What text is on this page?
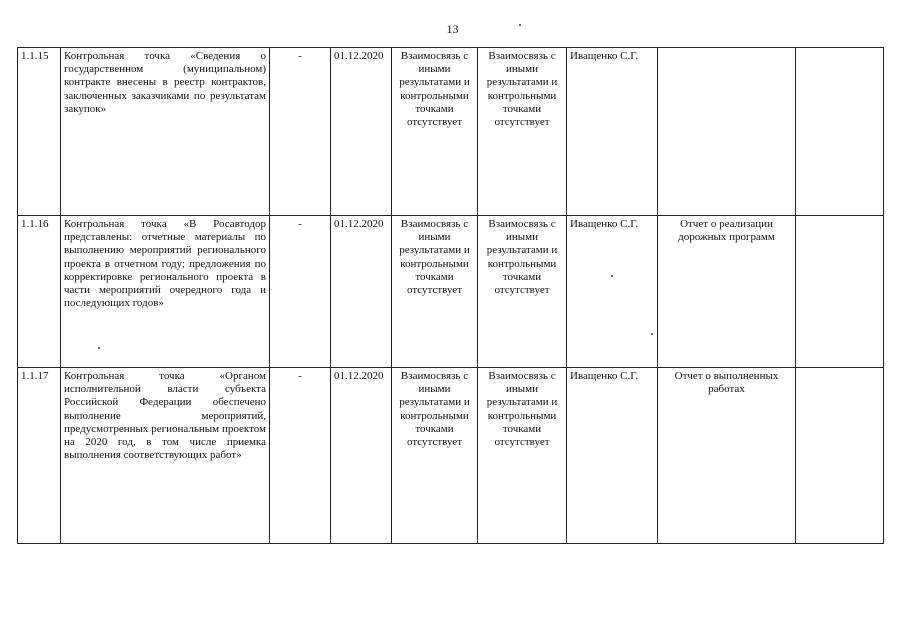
13
1.1.15	Контрольная точка «Сведения о государственном (муниципальном) контракте внесены в реестр контрактов, заключенных заказчиками по результатам закупок»	-	01.12.2020	Взаимосвязь с иными результатами и контрольными точками отсутствует	Взаимосвязь с иными результатами и контрольными точками отсутствует	Иващенко С.Г.		
1.1.16	Контрольная точка «В Росавтодор представлены: отчетные материалы по выполнению мероприятий регионального проекта в отчетном году; предложения по корректировке регионального проекта в части мероприятий очередного года и последующих годов»	-	01.12.2020	Взаимосвязь с иными результатами и контрольными точками отсутствует	Взаимосвязь с иными результатами и контрольными точками отсутствует	Иващенко С.Г.	Отчет о реализации дорожных программ	
1.1.17	Контрольная точка «Органом исполнительной власти субъекта Российской Федерации обеспечено выполнение мероприятий, предусмотренных региональным проектом на 2020 год, в том числе приемка выполнения соответствующих работ»	-	01.12.2020	Взаимосвязь с иными результатами и контрольными точками отсутствует	Взаимосвязь с иными результатами и контрольными точками отсутствует	Иващенко С.Г.	Отчет о выполненных работах	
